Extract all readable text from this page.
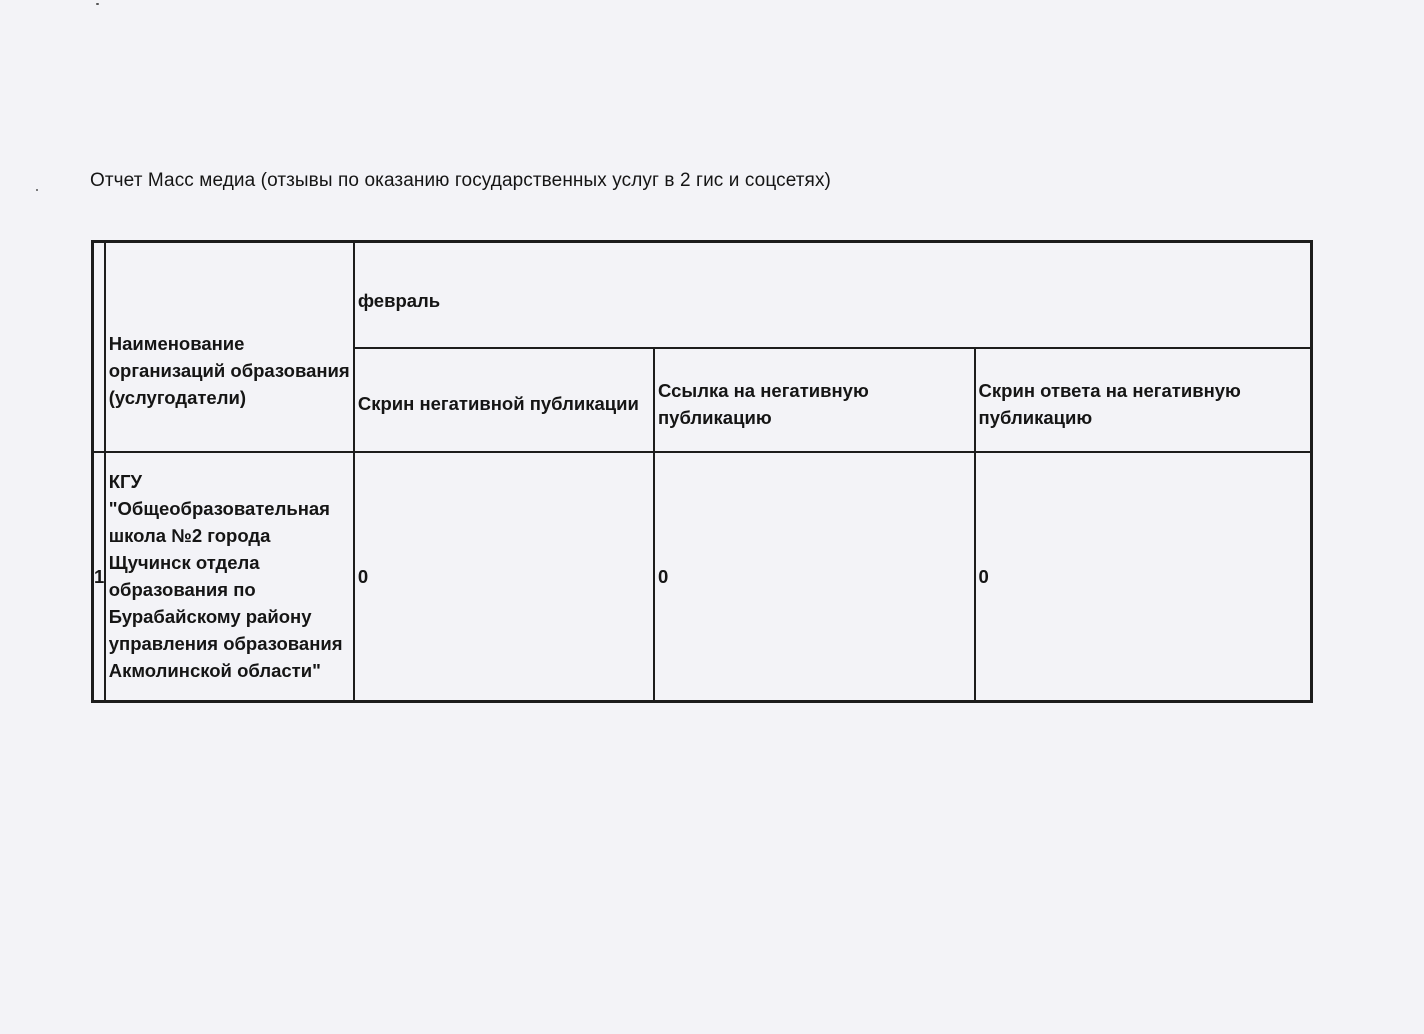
Отчет Масс медиа (отзывы по оказанию государственных услуг в 2 гис и соцсетях)
	Наименование организаций образования (услугодатели)	февраль		
		Скрин негативной публикации	Ссылка на негативную публикацию	Скрин ответа на негативную публикацию
1	КГУ "Общеобразовательная школа №2 города Щучинск отдела образования по Бурабайскому району управления образования Акмолинской области"	0	0	0
